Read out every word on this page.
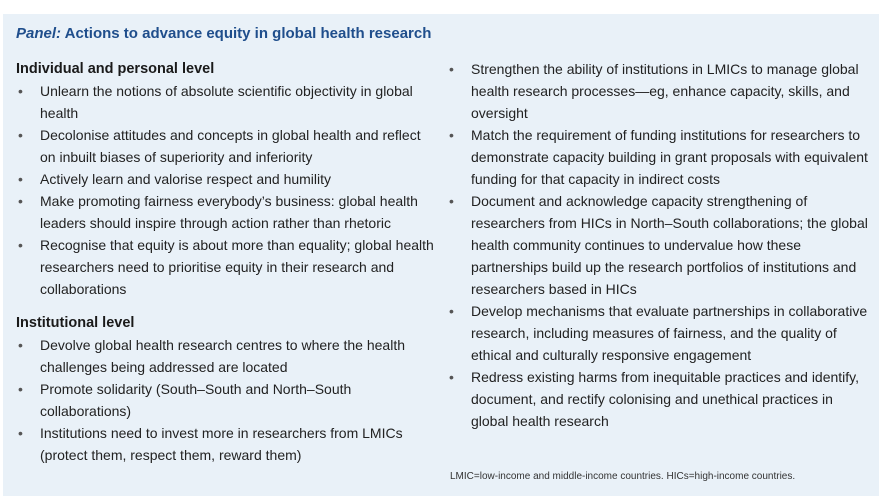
Panel: Actions to advance equity in global health research
Individual and personal level
•	Unlearn the notions of absolute scientific objectivity in global health
•	Decolonise attitudes and concepts in global health and reflect on inbuilt biases of superiority and inferiority
•	Actively learn and valorise respect and humility
•	Make promoting fairness everybody’s business: global health leaders should inspire through action rather than rhetoric
•	Recognise that equity is about more than equality; global health researchers need to prioritise equity in their research and collaborations
Institutional level
•	Devolve global health research centres to where the health challenges being addressed are located
•	Promote solidarity (South–South and North–South collaborations)
•	Institutions need to invest more in researchers from LMICs (protect them, respect them, reward them)
•	Strengthen the ability of institutions in LMICs to manage global health research processes—eg, enhance capacity, skills, and oversight
•	Match the requirement of funding institutions for researchers to demonstrate capacity building in grant proposals with equivalent funding for that capacity in indirect costs
•	Document and acknowledge capacity strengthening of researchers from HICs in North–South collaborations; the global health community continues to undervalue how these partnerships build up the research portfolios of institutions and researchers based in HICs
•	Develop mechanisms that evaluate partnerships in collaborative research, including measures of fairness, and the quality of ethical and culturally responsive engagement
•	Redress existing harms from inequitable practices and identify, document, and rectify colonising and unethical practices in global health research
LMIC=low-income and middle-income countries. HICs=high-income countries.
